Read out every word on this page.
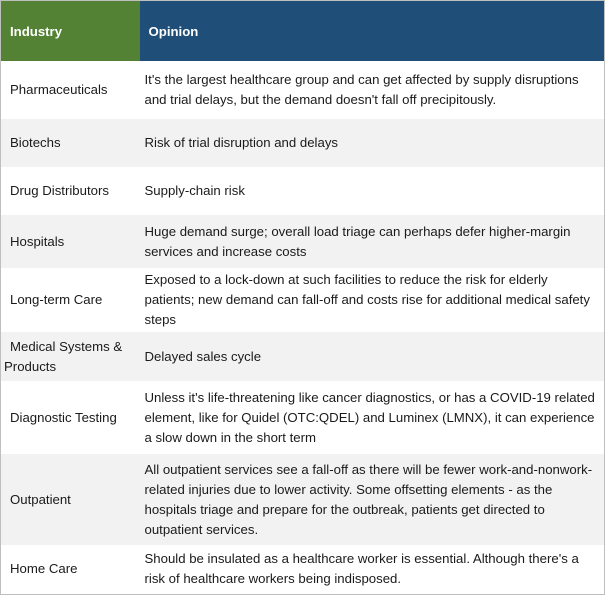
Industry	Opinion
Pharmaceuticals	It's the largest healthcare group and can get affected by supply disruptions and trial delays, but the demand doesn't fall off precipitously.
Biotechs	Risk of trial disruption and delays
Drug Distributors	Supply-chain risk
Hospitals	Huge demand surge; overall load triage can perhaps defer higher-margin services and increase costs
Long-term Care	Exposed to a lock-down at such facilities to reduce the risk for elderly patients; new demand can fall-off and costs rise for additional medical safety steps

Medical Systems & Products	Delayed sales cycle
Diagnostic Testing	Unless it's life-threatening like cancer diagnostics, or has a COVID-19 related element, like for Quidel (OTC:QDEL) and Luminex (LMNX), it can experience a slow down in the short term
Outpatient	All outpatient services see a fall-off as there will be fewer work-and-nonwork-related injuries due to lower activity. Some offsetting elements - as the hospitals triage and prepare for the outbreak, patients get directed to outpatient services.
Home Care	Should be insulated as a healthcare worker is essential. Although there's a risk of healthcare workers being indisposed.
